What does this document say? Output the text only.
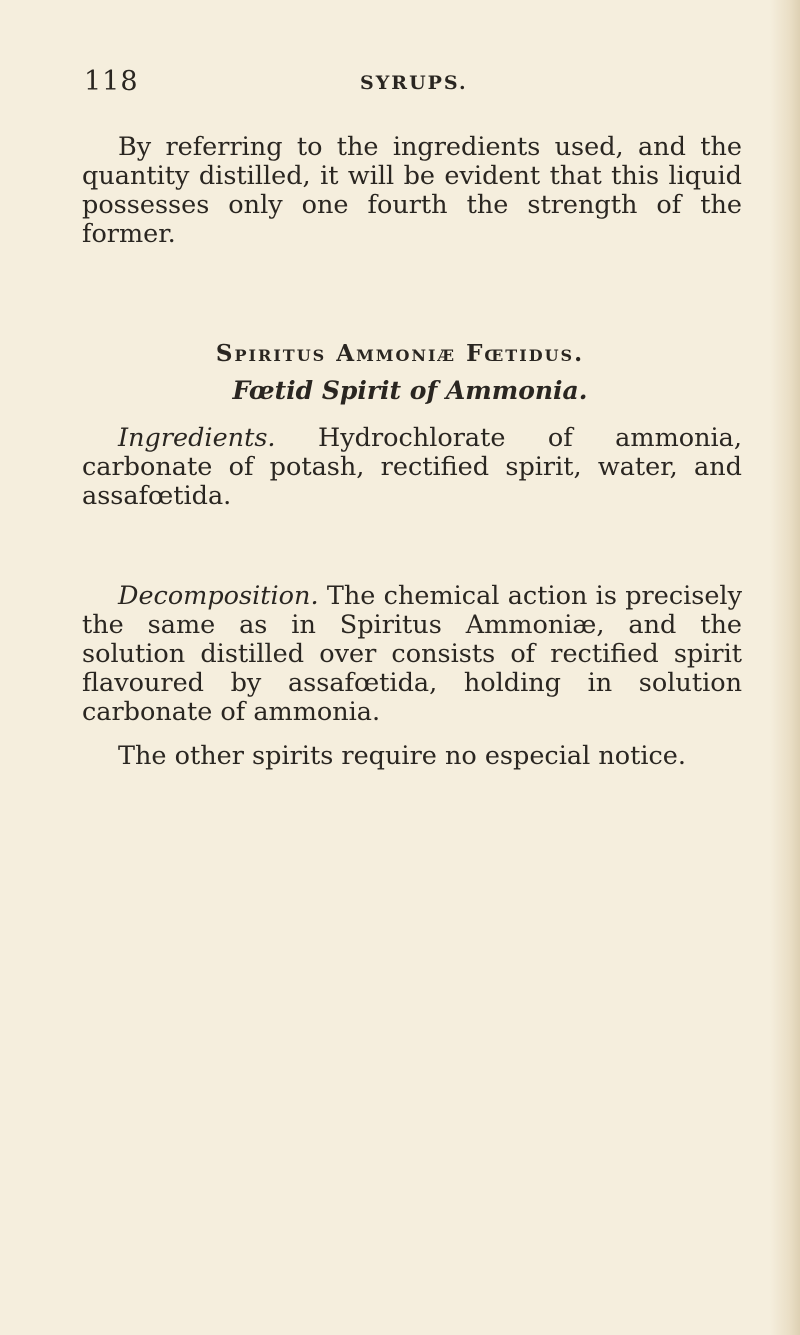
118	SYRUPS.

By referring to the ingredients used, and the quantity distilled, it will be evident that this liquid possesses only one fourth the strength of the former.

Spiritus Ammoniæ Fœtidus.
Fœtid Spirit of Ammonia.

Ingredients. Hydrochlorate of ammonia, carbonate of potash, rectified spirit, water, and assafœtida.

Decomposition. The chemical action is precisely the same as in Spiritus Ammoniæ, and the solution distilled over consists of rectified spirit flavoured by assafœtida, holding in solution carbonate of ammonia.

The other spirits require no especial notice.
